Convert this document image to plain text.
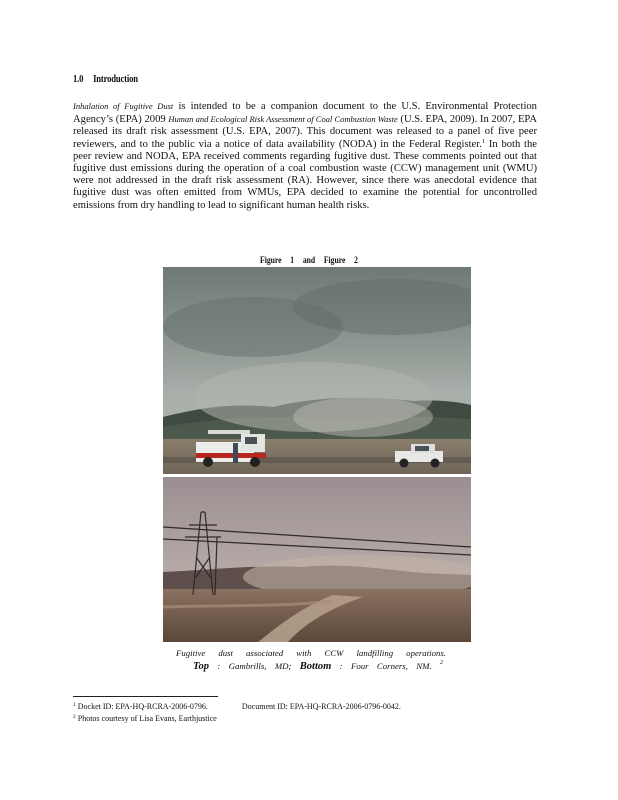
1.0 Introduction
Inhalation of Fugitive Dust is intended to be a companion document to the U.S. Environmental Protection Agency’s (EPA) 2009 Human and Ecological Risk Assessment of Coal Combustion Waste (U.S. EPA, 2009). In 2007, EPA released its draft risk assessment (U.S. EPA, 2007). This document was released to a panel of five peer reviewers, and to the public via a notice of data availability (NODA) in the Federal Register.$^1$ In both the peer review and NODA, EPA received comments regarding fugitive dust. These comments pointed out that fugitive dust emissions during the operation of a coal combustion waste (CCW) management unit (WMU) were not addressed in the draft risk assessment (RA). However, since there was anecdotal evidence that fugitive dust was often emitted from WMUs, EPA decided to examine the potential for uncontrolled emissions from dry handling to lead to significant human health risks.
Figure 1 and Figure 2
Fugitive dust associated with CCW landfilling operations.
Top : Gambrills, MD; Bottom : Four Corners, NM. $^2$
$^1$ Docket ID: EPA-HQ-RCRA-2006-0796.	Document ID: EPA-HQ-RCRA-2006-0796-0042.
$^2$ Photos courtesy of Lisa Evans, Earthjustice
